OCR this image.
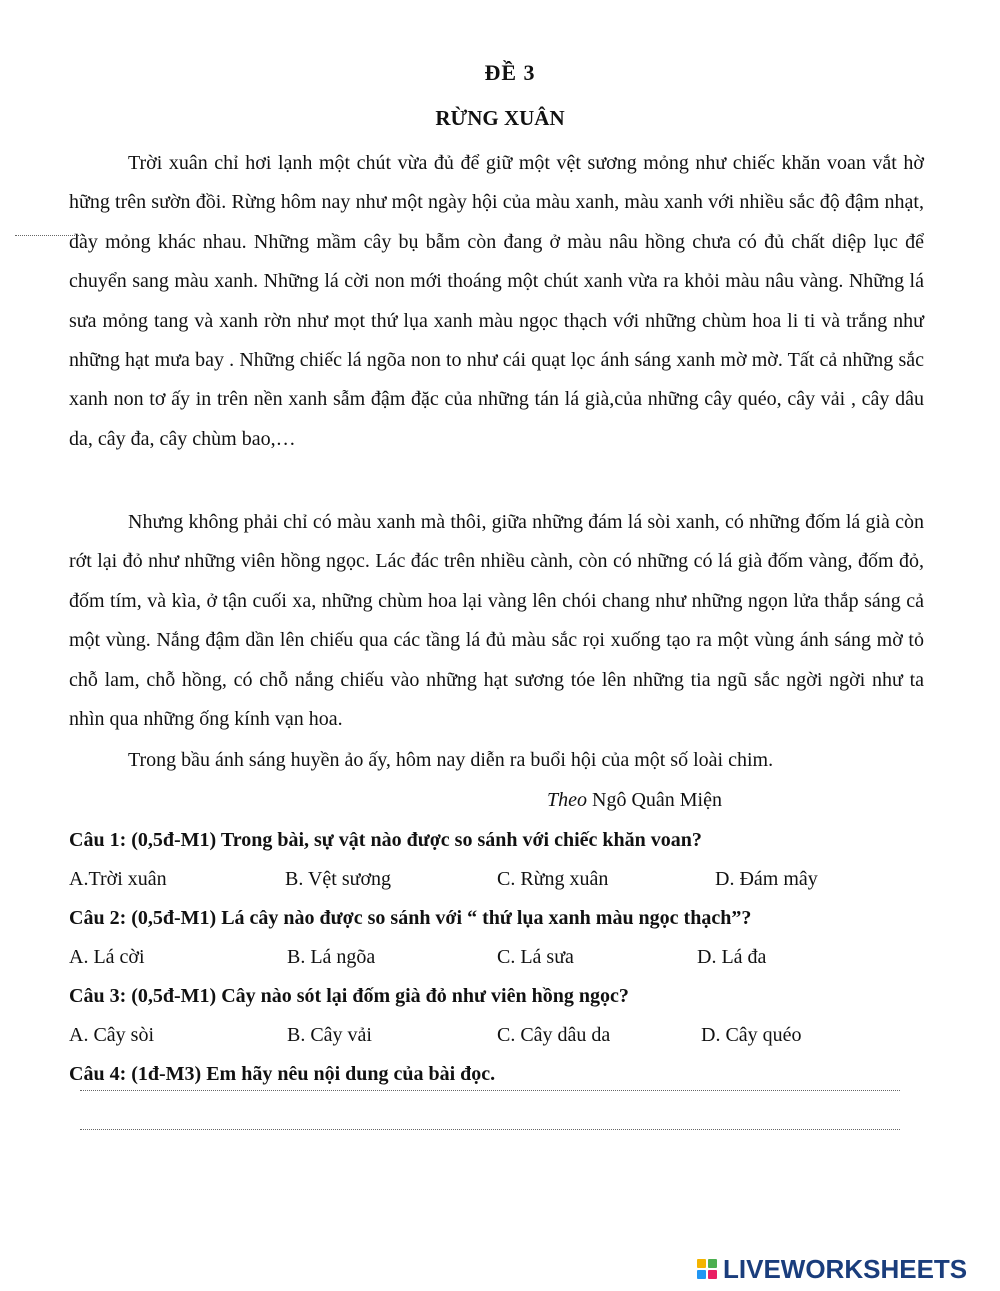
ĐỀ 3
RỪNG XUÂN

Trời xuân chỉ hơi lạnh một chút vừa đủ để giữ một vệt sương mỏng như chiếc khăn voan vắt hờ hững trên sườn đồi. Rừng hôm nay như một ngày hội của màu xanh, màu xanh với nhiều sắc độ đậm nhạt, dày mỏng khác nhau. Những mầm cây bụ bẫm còn đang ở màu nâu hồng chưa có đủ chất diệp lục để chuyển sang màu xanh. Những lá cời non mới thoáng một chút xanh vừa ra khỏi màu nâu vàng. Những lá sưa mỏng tang và xanh rờn như mọt thứ lụa xanh màu ngọc thạch với những chùm hoa li ti và trắng như những hạt mưa bay . Những chiếc lá ngõa non to như cái quạt lọc ánh sáng xanh mờ mờ. Tất cả những sắc xanh non tơ ấy in trên nền xanh sẫm đậm đặc của những tán lá già,của những cây quéo, cây vải , cây dâu da, cây đa, cây chùm bao,…

Nhưng không phải chỉ có màu xanh mà thôi, giữa những đám lá sòi xanh, có những đốm lá già còn rớt lại đỏ như những viên hồng ngọc. Lác đác trên nhiều cành, còn có những có lá già đốm vàng, đốm đỏ, đốm tím, và kìa, ở tận cuối xa, những chùm hoa lại vàng lên chói chang như những ngọn lửa thắp sáng cả một vùng. Nắng đậm dần lên chiếu qua các tầng lá đủ màu sắc rọi xuống tạo ra một vùng ánh sáng mờ tỏ chỗ lam, chỗ hồng, có chỗ nắng chiếu vào những hạt sương tóe lên những tia ngũ sắc ngời ngời như ta nhìn qua những ống kính vạn hoa.

Trong bầu ánh sáng huyền ảo ấy, hôm nay diễn ra buổi hội của một số loài chim.

Theo Ngô Quân Miện
Câu 1: (0,5đ-M1) Trong bài, sự vật nào được so sánh với chiếc khăn voan?
A.Trời xuân	B. Vệt sương	C. Rừng xuân	D. Đám mây
Câu 2: (0,5đ-M1) Lá cây nào được so sánh với “ thứ lụa xanh màu ngọc thạch”?
A. Lá cời	B. Lá ngõa	C. Lá sưa	D. Lá đa
Câu 3: (0,5đ-M1) Cây nào sót lại đốm già đỏ như viên hồng ngọc?
A. Cây sòi	B. Cây vải	C. Cây dâu da	D. Cây quéo
Câu 4: (1đ-M3) Em hãy nêu nội dung của bài đọc.
LIVEWORKSHEETS
